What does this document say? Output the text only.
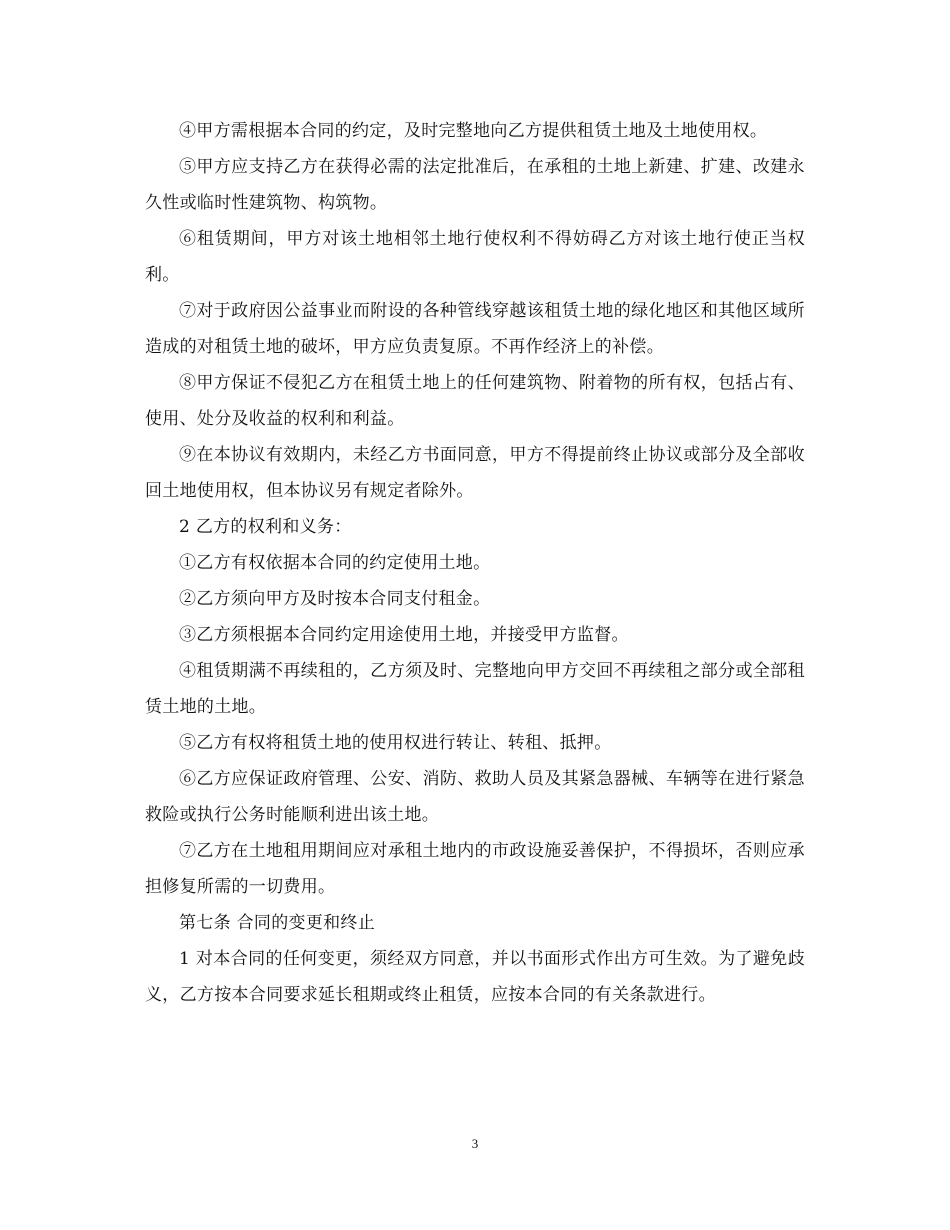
④甲方需根据本合同的约定，及时完整地向乙方提供租赁土地及土地使用权。

⑤甲方应支持乙方在获得必需的法定批准后，在承租的土地上新建、扩建、改建永久性或临时性建筑物、构筑物。

⑥租赁期间，甲方对该土地相邻土地行使权利不得妨碍乙方对该土地行使正当权利。

⑦对于政府因公益事业而附设的各种管线穿越该租赁土地的绿化地区和其他区域所造成的对租赁土地的破坏，甲方应负责复原。不再作经济上的补偿。

⑧甲方保证不侵犯乙方在租赁土地上的任何建筑物、附着物的所有权，包括占有、使用、处分及收益的权利和利益。

⑨在本协议有效期内，未经乙方书面同意，甲方不得提前终止协议或部分及全部收回土地使用权，但本协议另有规定者除外。

2 乙方的权利和义务：

①乙方有权依据本合同的约定使用土地。

②乙方须向甲方及时按本合同支付租金。

③乙方须根据本合同约定用途使用土地，并接受甲方监督。

④租赁期满不再续租的，乙方须及时、完整地向甲方交回不再续租之部分或全部租赁土地的土地。

⑤乙方有权将租赁土地的使用权进行转让、转租、抵押。

⑥乙方应保证政府管理、公安、消防、救助人员及其紧急器械、车辆等在进行紧急救险或执行公务时能顺利进出该土地。

⑦乙方在土地租用期间应对承租土地内的市政设施妥善保护，不得损坏，否则应承担修复所需的一切费用。

第七条 合同的变更和终止

1 对本合同的任何变更，须经双方同意，并以书面形式作出方可生效。为了避免歧义，乙方按本合同要求延长租期或终止租赁，应按本合同的有关条款进行。

3
